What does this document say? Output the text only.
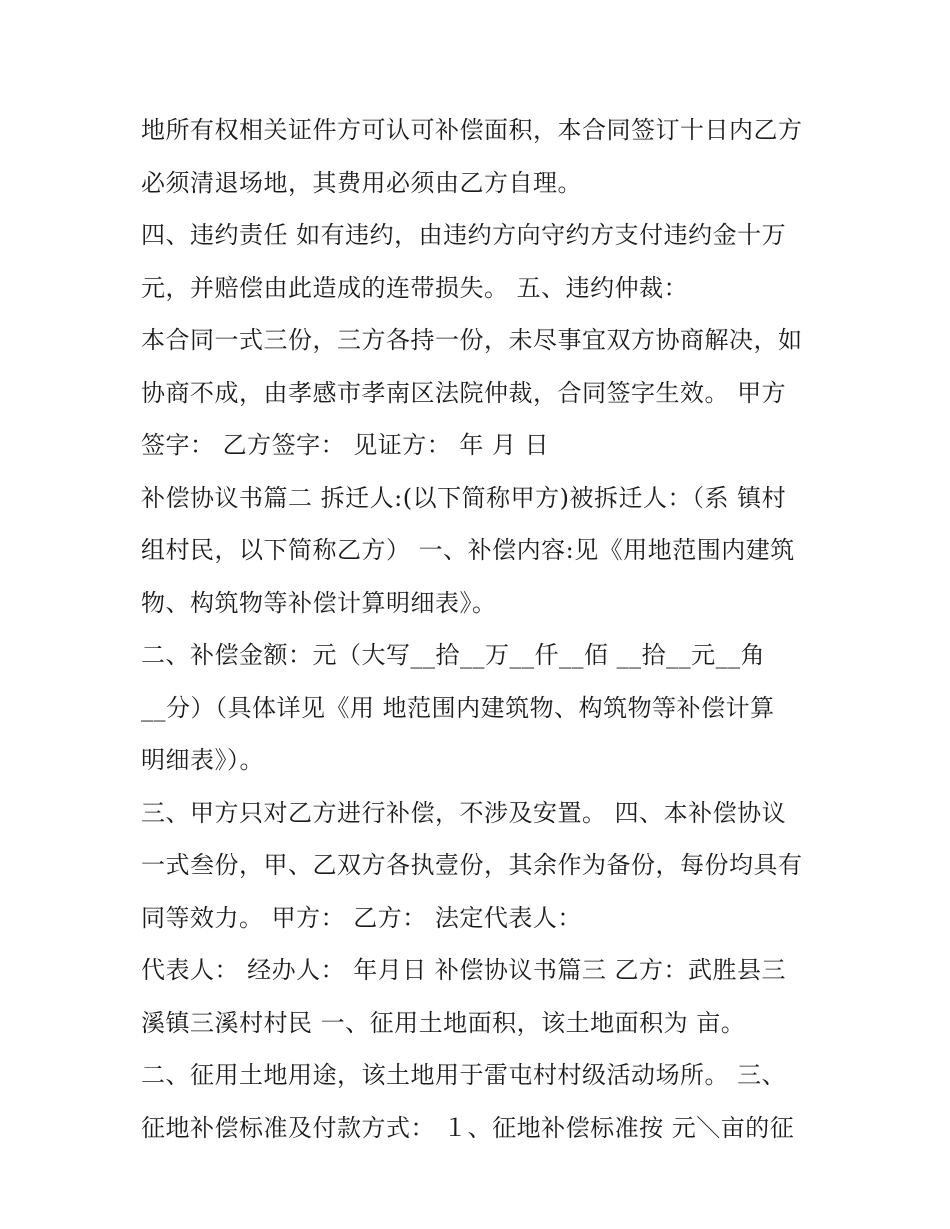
地所有权相关证件方可认可补偿面积，本合同签订十日内乙方
必须清退场地，其费用必须由乙方自理。
四、违约责任 如有违约，由违约方向守约方支付违约金十万
元，并赔偿由此造成的连带损失。 五、违约仲裁：
本合同一式三份，三方各持一份，未尽事宜双方协商解决，如
协商不成，由孝感市孝南区法院仲裁，合同签字生效。 甲方
签字： 乙方签字： 见证方： 年 月 日
补偿协议书篇二 拆迁人:(以下简称甲方)被拆迁人：（系 镇村
组村民，以下简称乙方） 一、补偿内容:见《用地范围内建筑
物、构筑物等补偿计算明细表》。
二、补偿金额：元（大写__拾__万__仟__佰 __拾__元__角
__分）（具体详见《用 地范围内建筑物、构筑物等补偿计算
明细表》）。
三、甲方只对乙方进行补偿，不涉及安置。 四、本补偿协议
一式叁份，甲、乙双方各执壹份，其余作为备份，每份均具有
同等效力。 甲方： 乙方： 法定代表人：
代表人： 经办人： 年月日 补偿协议书篇三 乙方：武胜县三
溪镇三溪村村民 一、征用土地面积，该土地面积为 亩。
二、征用土地用途，该土地用于雷屯村村级活动场所。 三、
征地补偿标准及付款方式： １、征地补偿标准按 元＼亩的征
